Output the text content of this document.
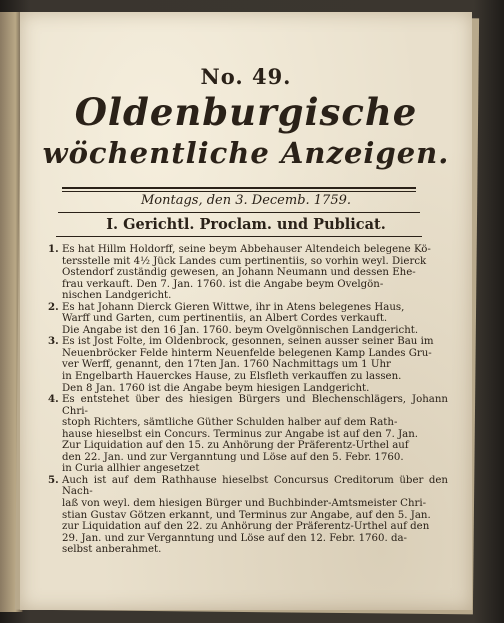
No. 49.
Oldenburgische
wöchentliche Anzeigen.
Montags, den 3. Decemb. 1759.
I. Gerichtl. Proclam. und Publicat.
1. Es hat Hillm Holdorff, seine beym Abbehauser Altendeich belegene Kö-

tersstelle mit 4½ Jück Landes cum pertinentiis, so vorhin weyl. Dierck

Ostendorf zuständig gewesen, an Johann Neumann und dessen Ehe-

frau verkauft. Den 7. Jan. 1760. ist die Angabe beym Ovelgön-

nischen Landgericht.

2. Es hat Johann Dierck Gieren Wittwe, ihr in Atens belegenes Haus,

Warff und Garten, cum pertinentiis, an Albert Cordes verkauft.

Die Angabe ist den 16 Jan. 1760. beym Ovelgönnischen Landgericht.

3. Es ist Jost Folte, im Oldenbrock, gesonnen, seinen ausser seiner Bau im

Neuenbröcker Felde hinterm Neuenfelde belegenen Kamp Landes Gru-

ver Werff, genannt, den 17ten Jan. 1760 Nachmittags um 1 Uhr

in Engelbarth Hauerckes Hause, zu Elsfleth verkauffen zu lassen.

Den 8 Jan. 1760 ist die Angabe beym hiesigen Landgericht.

4. Es entstehet über des hiesigen Bürgers und Blechenschlägers, Johann Chri-

stoph Richters, sämtliche Güther Schulden halber auf dem Rath-

hause hieselbst ein Concurs. Terminus zur Angabe ist auf den 7. Jan.

Zur Liquidation auf den 15. zu Anhörung der Präferentz-Urthel auf

den 22. Jan. und zur Verganntung und Löse auf den 5. Febr. 1760.

in Curia allhier angesetzet

5. Auch ist auf dem Rathhause hieselbst Concursus Creditorum über den Nach-

laß von weyl. dem hiesigen Bürger und Buchbinder-Amtsmeister Chri-

stian Gustav Götzen erkannt, und Terminus zur Angabe, auf den 5. Jan.

zur Liquidation auf den 22. zu Anhörung der Präferentz-Urthel auf den

29. Jan. und zur Verganntung und Löse auf den 12. Febr. 1760. da-

selbst anberahmet.
